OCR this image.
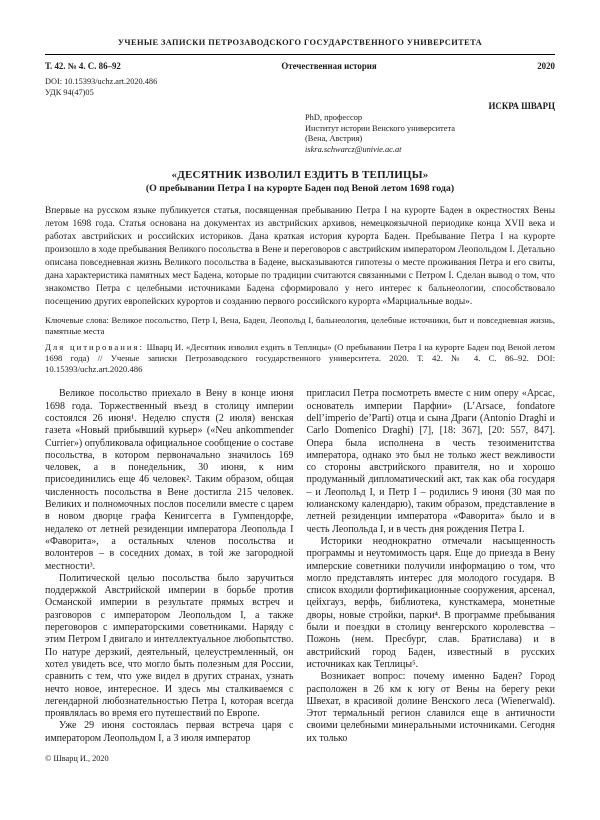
УЧЕНЫЕ ЗАПИСКИ ПЕТРОЗАВОДСКОГО ГОСУДАРСТВЕННОГО УНИВЕРСИТЕТА
Т. 42. № 4. С. 86–92	Отечественная история	2020
DOI: 10.15393/uchz.art.2020.486
УДК 94(47)05
ИСКРА ШВАРЦ
PhD, профессор
Институт истории Венского университета
(Вена, Австрия)
iskra.schwarcz@univie.ac.at
«ДЕСЯТНИК ИЗВОЛИЛ ЕЗДИТЬ В ТЕПЛИЦЫ»
(О пребывании Петра I на курорте Баден под Веной летом 1698 года)

Впервые на русском языке публикуется статья, посвященная пребыванию Петра I на курорте Баден в окрестностях Вены летом 1698 года. Статья основана на документах из австрийских архивов, немецкоязычной периодике конца XVII века и работах австрийских и российских историков. Дана краткая история курорта Баден. Пребывание Петра I на курорте произошло в ходе пребывания Великого посольства в Вене и переговоров с австрийским императором Леопольдом I. Детально описана повседневная жизнь Великого посольства в Бадене, высказываются гипотезы о месте проживания Петра и его свиты, дана характеристика памятных мест Бадена, которые по традиции считаются связанными с Петром I. Сделан вывод о том, что знакомство Петра с целебными источниками Бадена сформировало у него интерес к бальнеологии, способствовало посещению других европейских курортов и созданию первого российского курорта «Марциальные воды».

Ключевые слова: Великое посольство, Петр I, Вена, Баден, Леопольд I, бальнеология, целебные источники, быт и повседневная жизнь, памятные места

Для цитирования: Шварц И. «Десятник изволил ездить в Теплицы» (О пребывании Петра I на курорте Баден под Веной летом 1698 года) // Ученые записки Петрозаводского государственного университета. 2020. Т. 42. № 4. С. 86–92. DOI: 10.15393/uchz.art.2020.486

Великое посольство приехало в Вену в конце июня 1698 года. Торжественный въезд в столицу империи состоялся 26 июня¹. Неделю спустя (2 июля) венская газета «Новый прибывший курьер» («Neu ankommender Currier») опубликовала официальное сообщение о составе посольства, в котором первоначально значилось 169 человек, а в понедельник, 30 июня, к ним присоединились еще 46 человек². Таким образом, общая численность посольства в Вене достигла 215 человек. Великих и полномочных послов поселили вместе с царем в новом дворце графа Кенигсегга в Гумпендорфе, недалеко от летней резиденции императора Леопольда I «Фаворита», а остальных членов посольства и волонтеров – в соседних домах, в той же загородной местности³.

Политической целью посольства было заручиться поддержкой Австрийской империи в борьбе против Османской империи в результате прямых встреч и разговоров с императором Леопольдом I, а также переговоров с императорскими советниками. Наряду с этим Петром I двигало и интеллектуальное любопытство. По натуре дерзкий, деятельный, целеустремленный, он хотел увидеть все, что могло быть полезным для России, сравнить с тем, что уже видел в других странах, узнать нечто новое, интересное. И здесь мы сталкиваемся с легендарной любознательностью Петра I, которая всегда проявлялась во время его путешествий по Европе.

Уже 29 июня состоялась первая встреча царя с императором Леопольдом I, а 3 июля император

пригласил Петра посмотреть вместе с ним оперу «Арсас, основатель империи Парфии» (L’Arsace, fondatore dell’imperio de’Parti) отца и сына Драги (Antonio Draghi и Carlo Domenico Draghi) [7], [18: 367], [20: 557, 847]. Опера была исполнена в честь тезоименитства императора, однако это был не только жест вежливости со стороны австрийского правителя, но и хорошо продуманный дипломатический акт, так как оба государя – и Леопольд I, и Петр I – родились 9 июня (30 мая по юлианскому календарю), таким образом, представление в летней резиденции императора «Фаворита» было и в честь Леопольда I, и в честь дня рождения Петра I.

Историки неоднократно отмечали насыщенность программы и неутомимость царя. Еще до приезда в Вену имперские советники получили информацию о том, что могло представлять интерес для молодого государя. В список входили фортификационные сооружения, арсенал, цейхгауз, верфь, библиотека, кунсткамера, монетные дворы, новые стройки, парки⁴. В программе пребывания были и поездки в столицу венгерского королевства – Пожонь (нем. Пресбург, слав. Братислава) и в австрийский город Баден, известный в русских источниках как Теплицы⁵.

Возникает вопрос: почему именно Баден? Город расположен в 26 км к югу от Вены на берегу реки Швехат, в красивой долине Венского леса (Wienerwald). Этот термальный регион славился еще в античности своими целебными минеральными источниками. Сегодня их только

© Шварц И., 2020
